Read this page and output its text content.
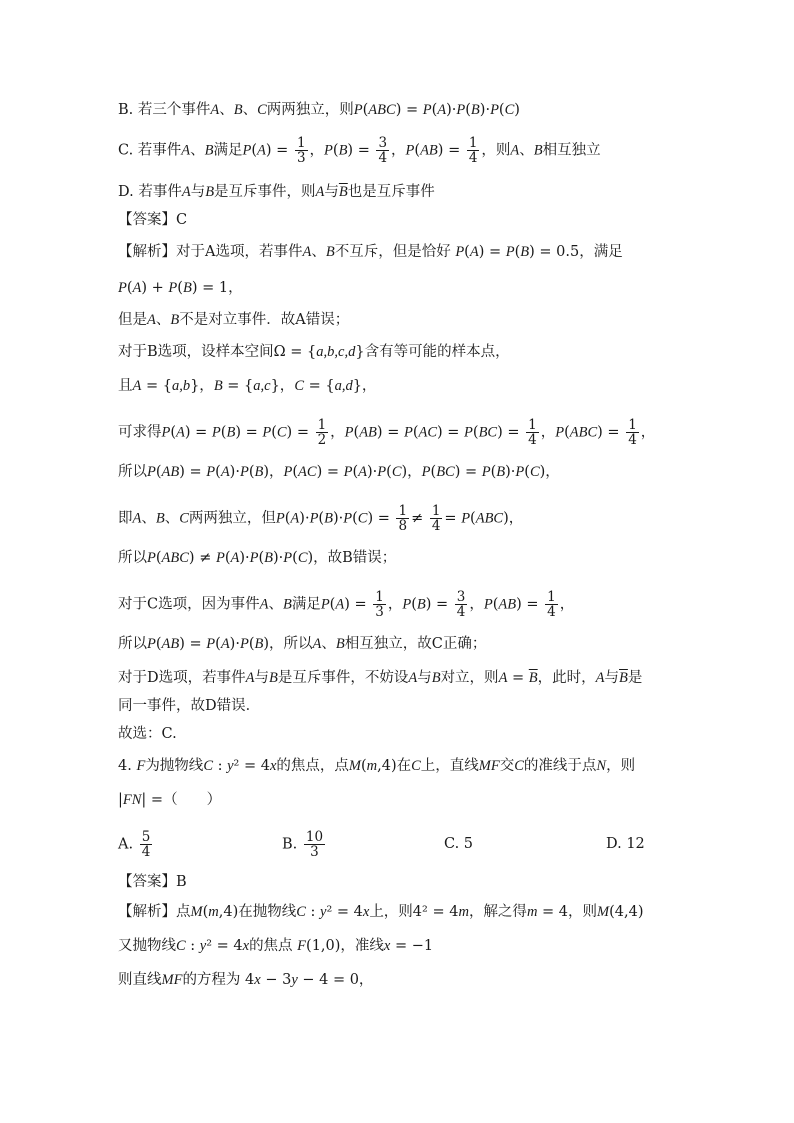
B. 若三个事件A、B、C两两独立，则P(ABC) = P(A)·P(B)·P(C)
C. 若事件A、B满足$P(A) = \frac{1}{3}$ ，$P(B) = \frac{3}{4}$ ，$P(AB) = \frac{1}{4}$ ，则A、B相互独立
D. 若事件A与B是互斥事件，则A与$\overline{B}$也是互斥事件
【答案】C
【解析】对于A选项，若事件A、B不互斥，但是恰好 P(A) = P(B) = 0.5，满足
P(A) + P(B) = 1，
但是A、B不是对立事件．故A错误；
对于B选项，设样本空间Ω = {a,b,c,d}含有等可能的样本点，
且A = {a,b}，B = {a,c}，C = {a,d}，
可求得$P(A) = P(B) = P(C) = \frac{1}{2}$ ，$P(AB) = P(AC) = P(BC) = \frac{1}{4}$ ，$P(ABC) = \frac{1}{4}$ ，
所以P(AB) = P(A)·P(B)，P(AC) = P(A)·P(C)，P(BC) = P(B)·P(C)，
即A、B、C两两独立，但$P(A)\cdot P(B)\cdot P(C) = \frac{1}{8} \ne \frac{1}{4} = P(ABC)$，
所以P(ABC) ≠ P(A)·P(B)·P(C)，故B错误；
对于C选项，因为事件A、B满足$P(A) = \frac{1}{3}$ ，$P(B) = \frac{3}{4}$ ，$P(AB) = \frac{1}{4}$ ，
所以P(AB) = P(A)·P(B)，所以A、B相互独立，故C正确；
对于D选项，若事件A与B是互斥事件，不妨设A与B对立，则$A = \overline{B}$，此时，A与$\overline{B}$是
同一事件，故D错误．
故选：C.
4. F为抛物线C : y² = 4x的焦点，点M(m,4)在C上，直线MF交C的准线于点N，则
|FN| =（　　）
A. $\frac{5}{4}$	B. $\frac{10}{3}$	C. 5	D. 12
【答案】B
【解析】点M(m,4)在抛物线C : y² = 4x上，则4² = 4m，解之得m = 4，则M(4,4)
又抛物线C : y² = 4x的焦点 F(1,0)，准线x = −1
则直线MF的方程为 4x − 3y − 4 = 0，
